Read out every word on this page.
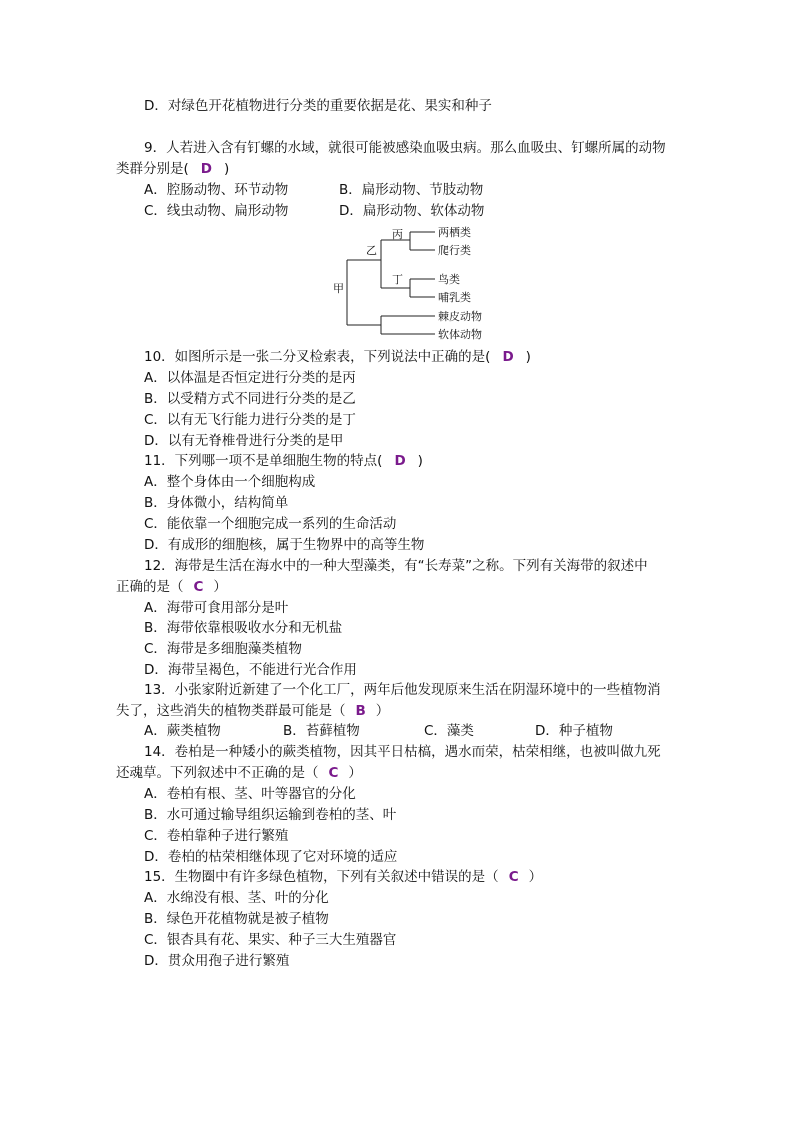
D．对绿色开花植物进行分类的重要依据是花、果实和种子
9．人若进入含有钉螺的水域，就很可能被感染血吸虫病。那么血吸虫、钉螺所属的动物
类群分别是( D )
A．腔肠动物、环节动物	B．扁形动物、节肢动物
C．线虫动物、扁形动物	D．扁形动物、软体动物
甲
乙
丙
丁
两栖类
爬行类
鸟类
哺乳类
棘皮动物
软体动物
10．如图所示是一张二分叉检索表，下列说法中正确的是( D )
A．以体温是否恒定进行分类的是丙
B．以受精方式不同进行分类的是乙
C．以有无飞行能力进行分类的是丁
D．以有无脊椎骨进行分类的是甲
11．下列哪一项不是单细胞生物的特点( D )
A．整个身体由一个细胞构成
B．身体微小，结构简单
C．能依靠一个细胞完成一系列的生命活动
D．有成形的细胞核，属于生物界中的高等生物
12．海带是生活在海水中的一种大型藻类，有“长寿菜”之称。下列有关海带的叙述中
正确的是（ C ）
A．海带可食用部分是叶
B．海带依靠根吸收水分和无机盐
C．海带是多细胞藻类植物
D．海带呈褐色，不能进行光合作用
13．小张家附近新建了一个化工厂，两年后他发现原来生活在阴湿环境中的一些植物消
失了，这些消失的植物类群最可能是（ B ）
A．蕨类植物	B．苔藓植物	C．藻类	D．种子植物
14．卷柏是一种矮小的蕨类植物，因其平日枯槁，遇水而荣，枯荣相继，也被叫做九死
还魂草。下列叙述中不正确的是（ C ）
A．卷柏有根、茎、叶等器官的分化
B．水可通过输导组织运输到卷柏的茎、叶
C．卷柏靠种子进行繁殖
D．卷柏的枯荣相继体现了它对环境的适应
15．生物圈中有许多绿色植物，下列有关叙述中错误的是（ C ）
A．水绵没有根、茎、叶的分化
B．绿色开花植物就是被子植物
C．银杏具有花、果实、种子三大生殖器官
D．贯众用孢子进行繁殖
